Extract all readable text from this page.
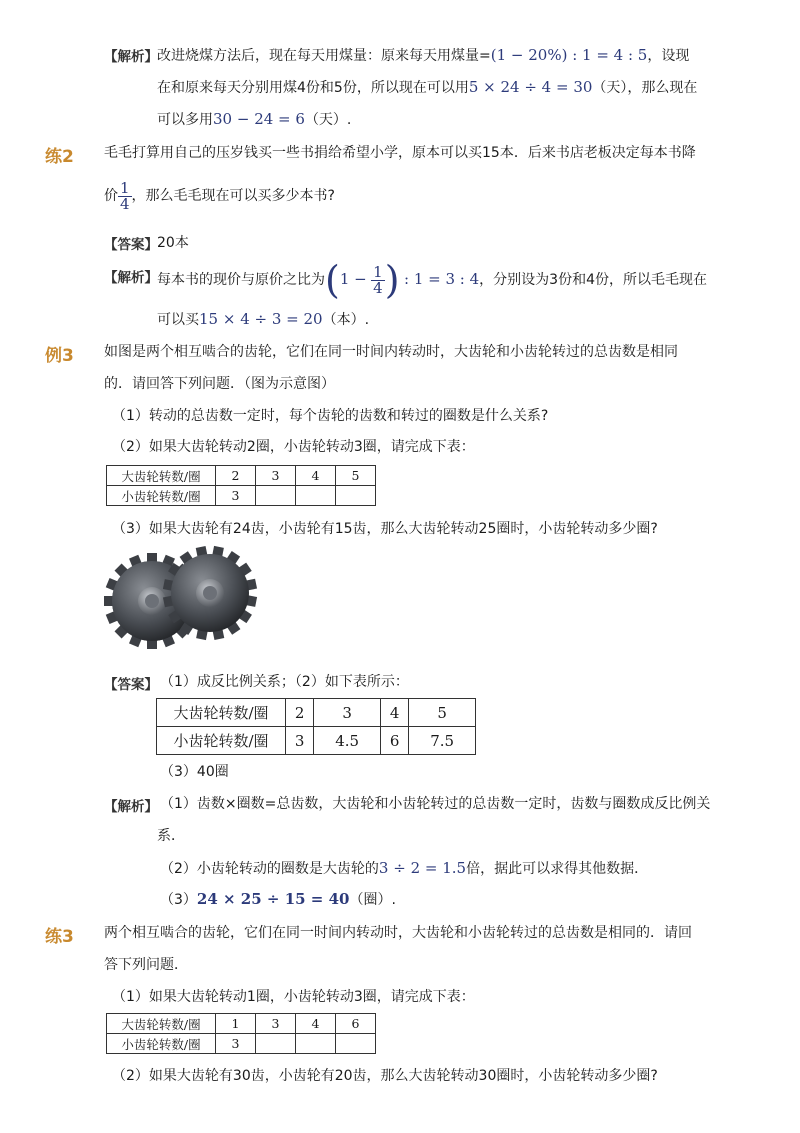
【解析】 改进烧煤方法后，现在每天用煤量：原来每天用煤量=(1 − 20%) : 1 = 4 : 5，设现
在和原来每天分别用煤4份和5份，所以现在可以用5 × 24 ÷ 4 = 30（天），那么现在
可以多用30 − 24 = 6（天）.
练2 毛毛打算用自己的压岁钱买一些书捐给希望小学，原本可以买15本．后来书店老板决定每本书降
价 $\frac{1}{4}$ ，那么毛毛现在可以买多少本书?
【答案】 20本
【解析】 每本书的现价与原价之比为($1 - \frac{1}{4}$ ) : 1 = 3 : 4，分别设为3份和4份，所以毛毛现在
可以买15 × 4 ÷ 3 = 20（本）.
例3 如图是两个相互啮合的齿轮，它们在同一时间内转动时，大齿轮和小齿轮转过的总齿数是相同
的．请回答下列问题．（图为示意图）
（1）转动的总齿数一定时，每个齿轮的齿数和转过的圈数是什么关系?
（2）如果大齿轮转动2圈，小齿轮转动3圈，请完成下表：
大齿轮转数/圈	2	3	4	5
小齿轮转数/圈	3			
（3）如果大齿轮有24齿，小齿轮有15齿，那么大齿轮转动25圈时，小齿轮转动多少圈?
【答案】 （1）成反比例关系；（2）如下表所示：
大齿轮转数/圈	2	3	4	5
小齿轮转数/圈	3	4.5	6	7.5
（3）40圈
【解析】 （1）齿数×圈数=总齿数，大齿轮和小齿轮转过的总齿数一定时，齿数与圈数成反比例关
系．
（2）小齿轮转动的圈数是大齿轮的3 ÷ 2 = 1.5倍，据此可以求得其他数据．
（3）24 × 25 ÷ 15 = 40（圈）.
练3 两个相互啮合的齿轮，它们在同一时间内转动时，大齿轮和小齿轮转过的总齿数是相同的．请回
答下列问题．
（1）如果大齿轮转动1圈，小齿轮转动3圈，请完成下表：
大齿轮转数/圈	1	3	4	6
小齿轮转数/圈	3			
（2）如果大齿轮有30齿，小齿轮有20齿，那么大齿轮转动30圈时，小齿轮转动多少圈?
